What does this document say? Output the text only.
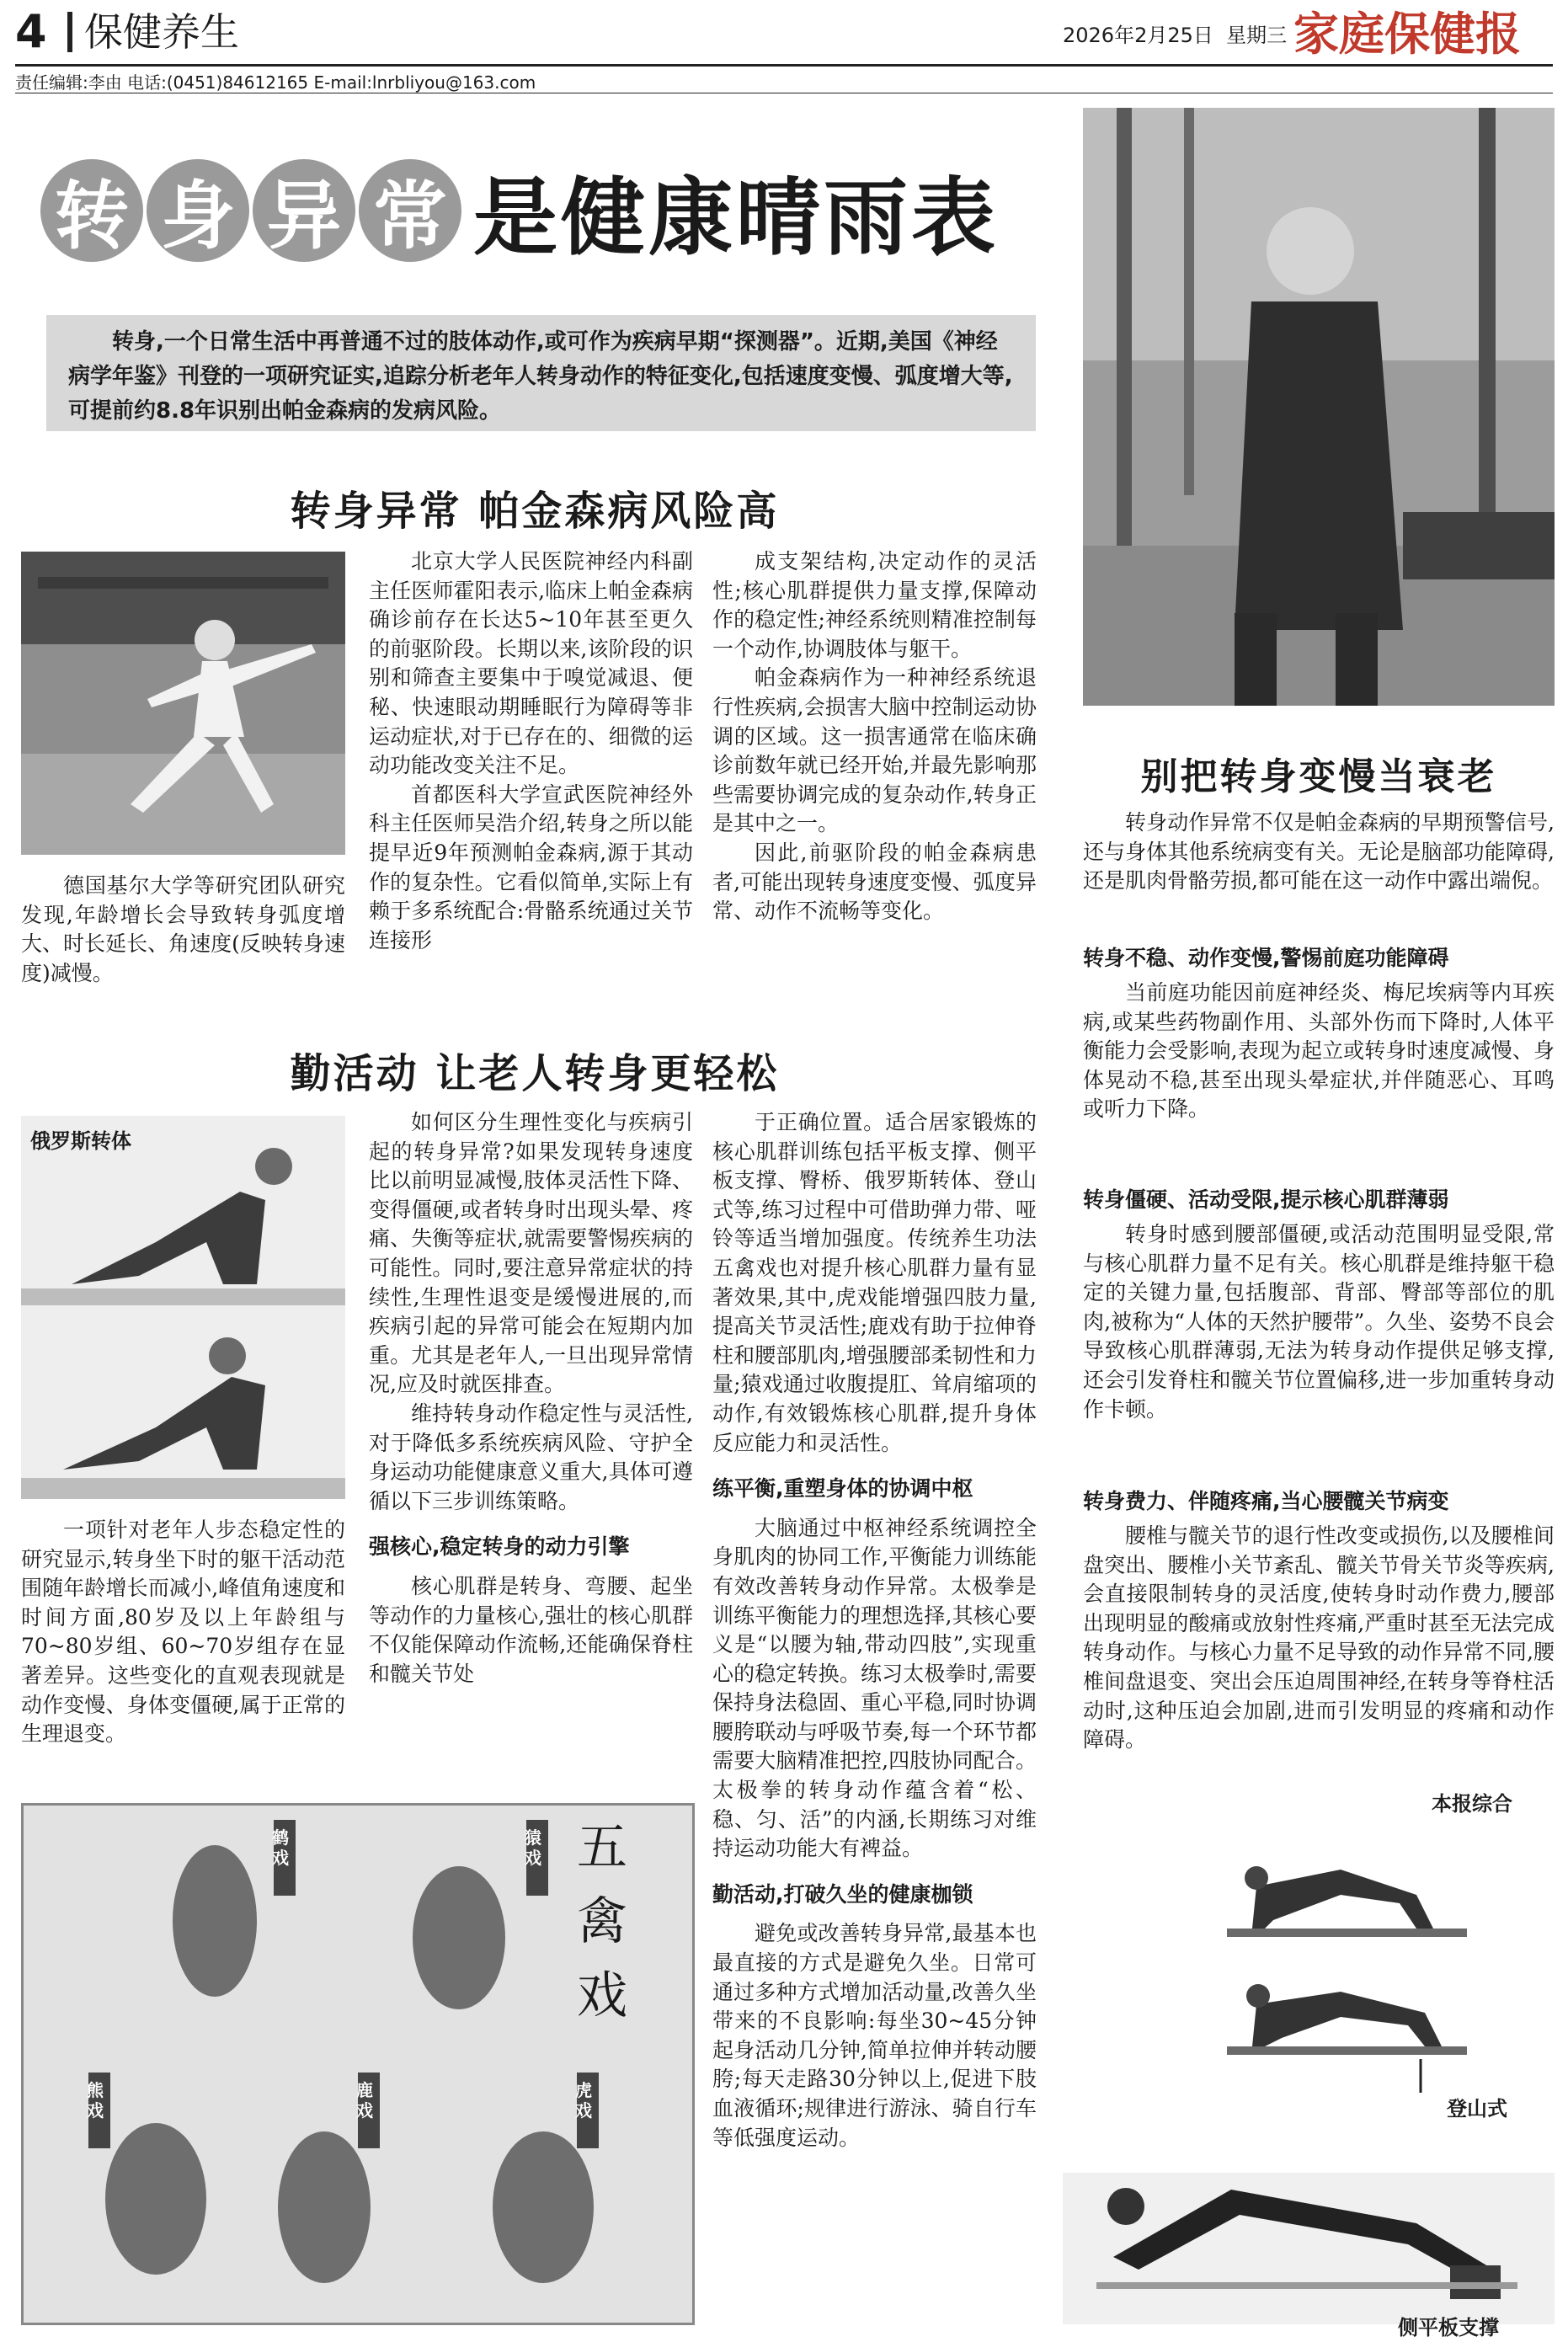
4 保健养生	2026年2月25日 星期三 家庭保健报
责任编辑:李由 电话:(0451)84612165 E-mail:lnrbliyou@163.com
转 身 异 常 是健康晴雨表
转身,一个日常生活中再普通不过的肢体动作,或可作为疾病早期“探测器”。近期,美国《神经病学年鉴》刊登的一项研究证实,追踪分析老年人转身动作的特征变化,包括速度变慢、弧度增大等,可提前约8.8年识别出帕金森病的发病风险。
转身异常 帕金森病风险高

德国基尔大学等研究团队研究发现,年龄增长会导致转身弧度增大、时长延长、角速度(反映转身速度)减慢。

北京大学人民医院神经内科副主任医师霍阳表示,临床上帕金森病确诊前存在长达5~10年甚至更久的前驱阶段。长期以来,该阶段的识别和筛查主要集中于嗅觉减退、便秘、快速眼动期睡眠行为障碍等非运动症状,对于已存在的、细微的运动功能改变关注不足。

首都医科大学宣武医院神经外科主任医师吴浩介绍,转身之所以能提早近9年预测帕金森病,源于其动作的复杂性。它看似简单,实际上有赖于多系统配合:骨骼系统通过关节连接形

成支架结构,决定动作的灵活性;核心肌群提供力量支撑,保障动作的稳定性;神经系统则精准控制每一个动作,协调肢体与躯干。

帕金森病作为一种神经系统退行性疾病,会损害大脑中控制运动协调的区域。这一损害通常在临床确诊前数年就已经开始,并最先影响那些需要协调完成的复杂动作,转身正是其中之一。

因此,前驱阶段的帕金森病患者,可能出现转身速度变慢、弧度异常、动作不流畅等变化。

别把转身变慢当衰老

转身动作异常不仅是帕金森病的早期预警信号,还与身体其他系统病变有关。无论是脑部功能障碍,还是肌肉骨骼劳损,都可能在这一动作中露出端倪。

转身不稳、动作变慢,警惕前庭功能障碍

当前庭功能因前庭神经炎、梅尼埃病等内耳疾病,或某些药物副作用、头部外伤而下降时,人体平衡能力会受影响,表现为起立或转身时速度减慢、身体晃动不稳,甚至出现头晕症状,并伴随恶心、耳鸣或听力下降。

转身僵硬、活动受限,提示核心肌群薄弱

转身时感到腰部僵硬,或活动范围明显受限,常与核心肌群力量不足有关。核心肌群是维持躯干稳定的关键力量,包括腹部、背部、臀部等部位的肌肉,被称为“人体的天然护腰带”。久坐、姿势不良会导致核心肌群薄弱,无法为转身动作提供足够支撑,还会引发脊柱和髋关节位置偏移,进一步加重转身动作卡顿。

转身费力、伴随疼痛,当心腰髋关节病变

腰椎与髋关节的退行性改变或损伤,以及腰椎间盘突出、腰椎小关节紊乱、髋关节骨关节炎等疾病,会直接限制转身的灵活度,使转身时动作费力,腰部出现明显的酸痛或放射性疼痛,严重时甚至无法完成转身动作。与核心力量不足导致的动作异常不同,腰椎间盘退变、突出会压迫周围神经,在转身等脊柱活动时,这种压迫会加剧,进而引发明显的疼痛和动作障碍。

本报综合
登山式
侧平板支撑
勤活动 让老人转身更轻松
俄罗斯转体

一项针对老年人步态稳定性的研究显示,转身坐下时的躯干活动范围随年龄增长而减小,峰值角速度和时间方面,80岁及以上年龄组与70~80岁组、60~70岁组存在显著差异。这些变化的直观表现就是动作变慢、身体变僵硬,属于正常的生理退变。

如何区分生理性变化与疾病引起的转身异常?如果发现转身速度比以前明显减慢,肢体灵活性下降、变得僵硬,或者转身时出现头晕、疼痛、失衡等症状,就需要警惕疾病的可能性。同时,要注意异常症状的持续性,生理性退变是缓慢进展的,而疾病引起的异常可能会在短期内加重。尤其是老年人,一旦出现异常情况,应及时就医排查。

维持转身动作稳定性与灵活性,对于降低多系统疾病风险、守护全身运动功能健康意义重大,具体可遵循以下三步训练策略。

强核心,稳定转身的动力引擎

核心肌群是转身、弯腰、起坐等动作的力量核心,强壮的核心肌群不仅能保障动作流畅,还能确保脊柱和髋关节处

于正确位置。适合居家锻炼的核心肌群训练包括平板支撑、侧平板支撑、臀桥、俄罗斯转体、登山式等,练习过程中可借助弹力带、哑铃等适当增加强度。传统养生功法五禽戏也对提升核心肌群力量有显著效果,其中,虎戏能增强四肢力量,提高关节灵活性;鹿戏有助于拉伸脊柱和腰部肌肉,增强腰部柔韧性和力量;猿戏通过收腹提肛、耸肩缩项的动作,有效锻炼核心肌群,提升身体反应能力和灵活性。

练平衡,重塑身体的协调中枢

大脑通过中枢神经系统调控全身肌肉的协同工作,平衡能力训练能有效改善转身动作异常。太极拳是训练平衡能力的理想选择,其核心要义是“以腰为轴,带动四肢”,实现重心的稳定转换。练习太极拳时,需要保持身法稳固、重心平稳,同时协调腰胯联动与呼吸节奏,每一个环节都需要大脑精准把控,四肢协同配合。太极拳的转身动作蕴含着“松、稳、匀、活”的内涵,长期练习对维持运动功能大有裨益。

勤活动,打破久坐的健康枷锁

避免或改善转身异常,最基本也最直接的方式是避免久坐。日常可通过多种方式增加活动量,改善久坐带来的不良影响:每坐30~45分钟起身活动几分钟,简单拉伸并转动腰胯;每天走路30分钟以上,促进下肢血液循环;规律进行游泳、骑自行车等低强度运动。

五
禽
戏
鹤戏
猿戏
熊戏
鹿戏
虎戏
